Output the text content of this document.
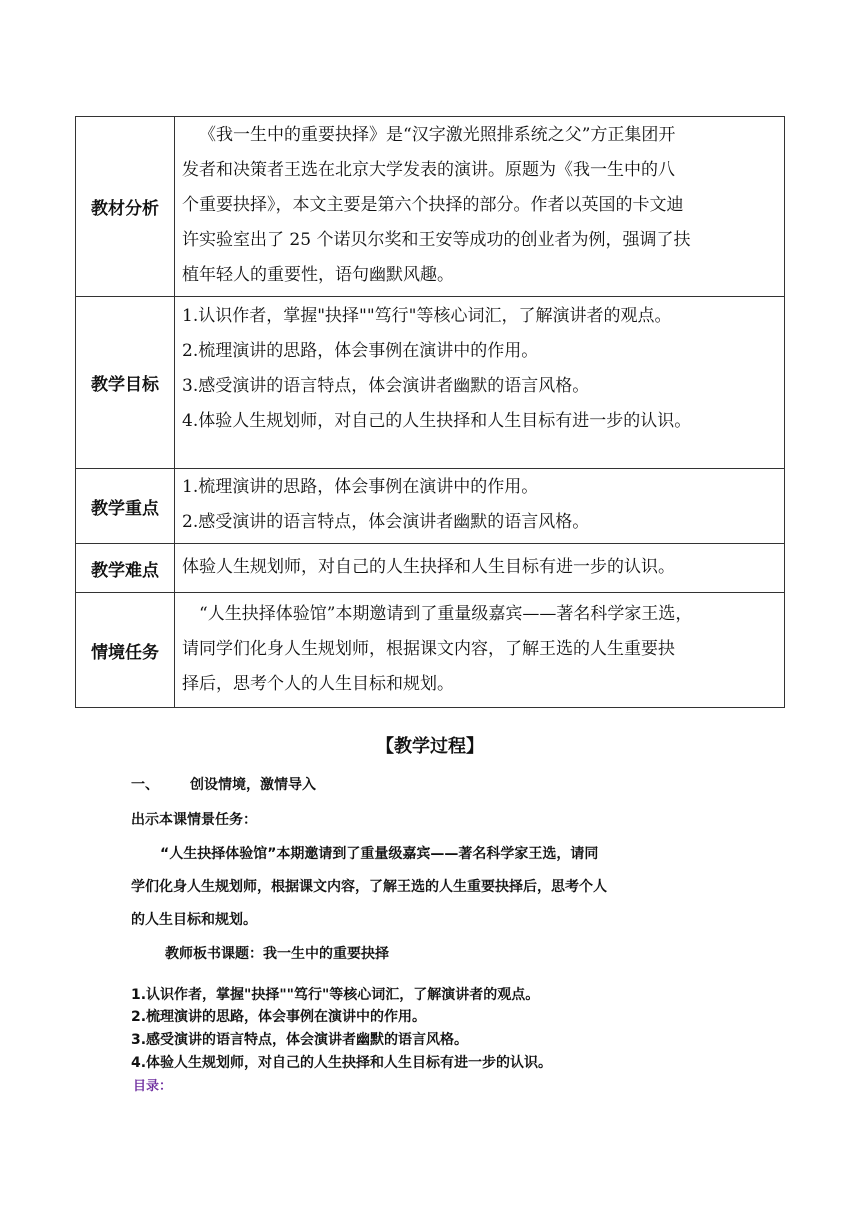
教材分析	《我一生中的重要抉择》是“汉字激光照排系统之父”方正集团开
发者和决策者王选在北京大学发表的演讲。原题为《我一生中的八
个重要抉择》，本文主要是第六个抉择的部分。作者以英国的卡文迪
许实验室出了 25 个诺贝尔奖和王安等成功的创业者为例，强调了扶
植年轻人的重要性，语句幽默风趣。

教学目标	1.认识作者，掌握"抉择""笃行"等核心词汇，了解演讲者的观点。
2.梳理演讲的思路，体会事例在演讲中的作用。
3.感受演讲的语言特点，体会演讲者幽默的语言风格。
4.体验人生规划师，对自己的人生抉择和人生目标有进一步的认识。

教学重点	1.梳理演讲的思路，体会事例在演讲中的作用。
2.感受演讲的语言特点，体会演讲者幽默的语言风格。

教学难点	体验人生规划师，对自己的人生抉择和人生目标有进一步的认识。

情境任务	“人生抉择体验馆”本期邀请到了重量级嘉宾——著名科学家王选，
请同学们化身人生规划师，根据课文内容，了解王选的人生重要抉
择后，思考个人的人生目标和规划。
【教学过程】
一、 创设情境，激情导入
出示本课情景任务：
“人生抉择体验馆”本期邀请到了重量级嘉宾——著名科学家王选，请同
学们化身人生规划师，根据课文内容，了解王选的人生重要抉择后，思考个人
的人生目标和规划。
教师板书课题：我一生中的重要抉择
1.认识作者，掌握"抉择""笃行"等核心词汇，了解演讲者的观点。
2.梳理演讲的思路，体会事例在演讲中的作用。
3.感受演讲的语言特点，体会演讲者幽默的语言风格。
4.体验人生规划师，对自己的人生抉择和人生目标有进一步的认识。
目录：
